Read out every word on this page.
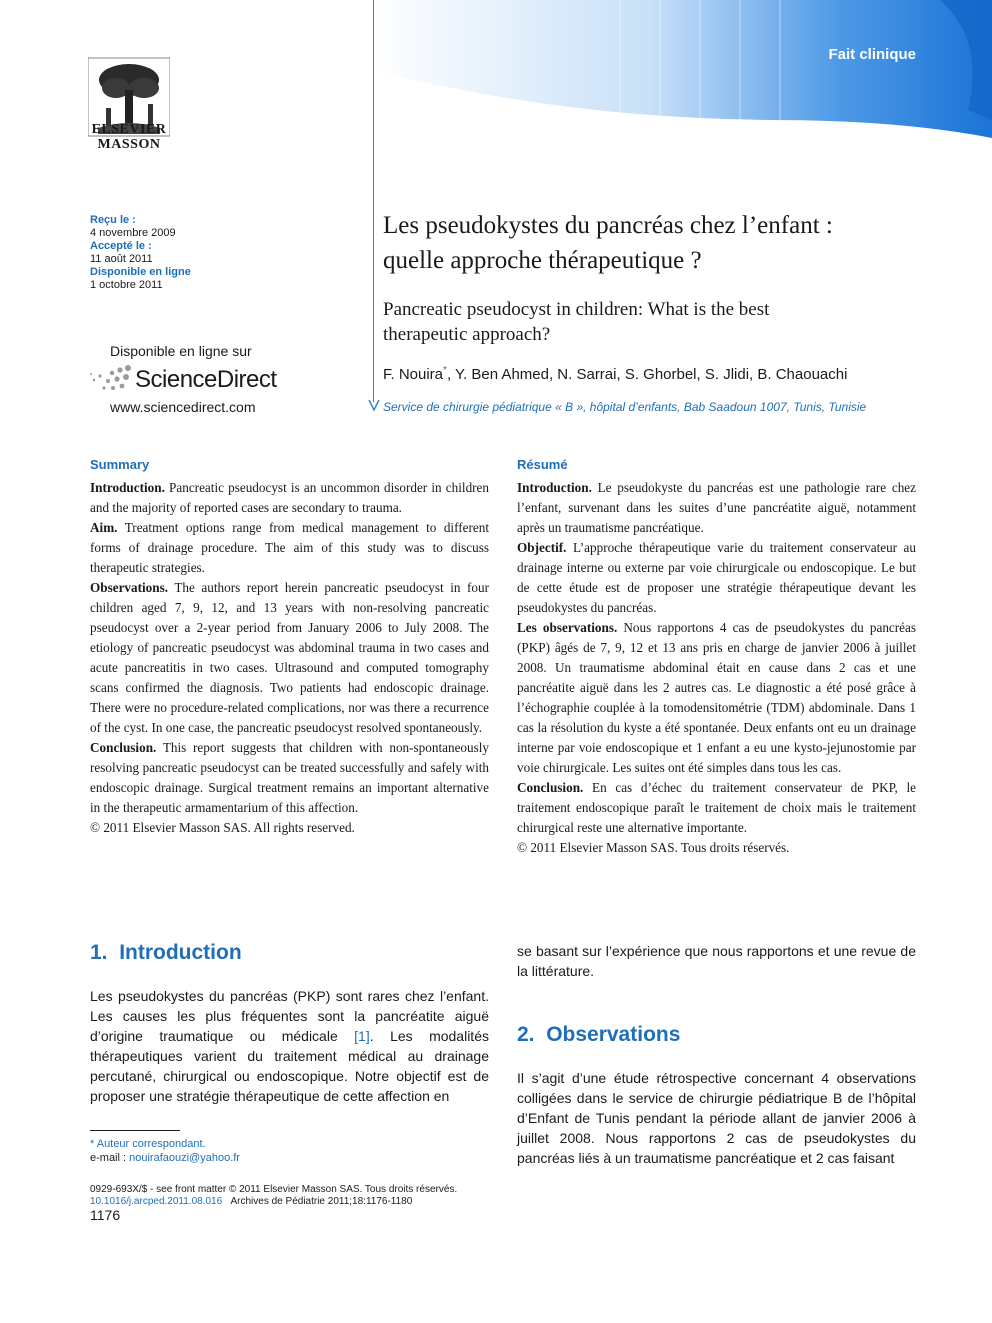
Fait clinique
ELSEVIER
MASSON
Reçu le :
4 novembre 2009
Accepté le :
11 août 2011
Disponible en ligne
1 octobre 2011
Disponible en ligne sur
ScienceDirect
www.sciencedirect.com
Les pseudokystes du pancréas chez l’enfant :
quelle approche thérapeutique ?
Pancreatic pseudocyst in children: What is the best
therapeutic approach?
F. Nouira*, Y. Ben Ahmed, N. Sarrai, S. Ghorbel, S. Jlidi, B. Chaouachi
Service de chirurgie pédiatrique « B », hôpital d’enfants, Bab Saadoun 1007, Tunis, Tunisie
Summary

Introduction. Pancreatic pseudocyst is an uncommon disorder in children and the majority of reported cases are secondary to trauma.

Aim. Treatment options range from medical management to different forms of drainage procedure. The aim of this study was to discuss therapeutic strategies.

Observations. The authors report herein pancreatic pseudocyst in four children aged 7, 9, 12, and 13 years with non-resolving pancreatic pseudocyst over a 2-year period from January 2006 to July 2008. The etiology of pancreatic pseudocyst was abdominal trauma in two cases and acute pancreatitis in two cases. Ultrasound and computed tomography scans confirmed the diagnosis. Two patients had endoscopic drainage. There were no procedure-related complications, nor was there a recurrence of the cyst. In one case, the pancreatic pseudocyst resolved spontaneously.

Conclusion. This report suggests that children with non-spontaneously resolving pancreatic pseudocyst can be treated successfully and safely with endoscopic drainage. Surgical treatment remains an important alternative in the therapeutic armamentarium of this affection.

© 2011 Elsevier Masson SAS. All rights reserved.

Résumé

Introduction. Le pseudokyste du pancréas est une pathologie rare chez l’enfant, survenant dans les suites d’une pancréatite aiguë, notamment après un traumatisme pancréatique.

Objectif. L’approche thérapeutique varie du traitement conservateur au drainage interne ou externe par voie chirurgicale ou endoscopique. Le but de cette étude est de proposer une stratégie thérapeutique devant les pseudokystes du pancréas.

Les observations. Nous rapportons 4 cas de pseudokystes du pancréas (PKP) âgés de 7, 9, 12 et 13 ans pris en charge de janvier 2006 à juillet 2008. Un traumatisme abdominal était en cause dans 2 cas et une pancréatite aiguë dans les 2 autres cas. Le diagnostic a été posé grâce à l’échographie couplée à la tomodensitométrie (TDM) abdominale. Dans 1 cas la résolution du kyste a été spontanée. Deux enfants ont eu un drainage interne par voie endoscopique et 1 enfant a eu une kysto-jejunostomie par voie chirurgicale. Les suites ont été simples dans tous les cas.

Conclusion. En cas d’échec du traitement conservateur de PKP, le traitement endoscopique paraît le traitement de choix mais le traitement chirurgical reste une alternative importante.

© 2011 Elsevier Masson SAS. Tous droits réservés.

1. Introduction

Les pseudokystes du pancréas (PKP) sont rares chez l’enfant. Les causes les plus fréquentes sont la pancréatite aiguë d’origine traumatique ou médicale [1]. Les modalités thérapeutiques varient du traitement médical au drainage percutané, chirurgical ou endoscopique. Notre objectif est de proposer une stratégie thérapeutique de cette affection en

se basant sur l’expérience que nous rapportons et une revue de la littérature.

2. Observations

Il s’agit d’une étude rétrospective concernant 4 observations colligées dans le service de chirurgie pédiatrique B de l’hôpital d’Enfant de Tunis pendant la période allant de janvier 2006 à juillet 2008. Nous rapportons 2 cas de pseudokystes du pancréas liés à un traumatisme pancréatique et 2 cas faisant

* Auteur correspondant.
e-mail : nouirafaouzi@yahoo.fr
0929-693X/$ - see front matter © 2011 Elsevier Masson SAS. Tous droits réservés.
10.1016/j.arcped.2011.08.016 Archives de Pédiatrie 2011;18:1176-1180
1176
